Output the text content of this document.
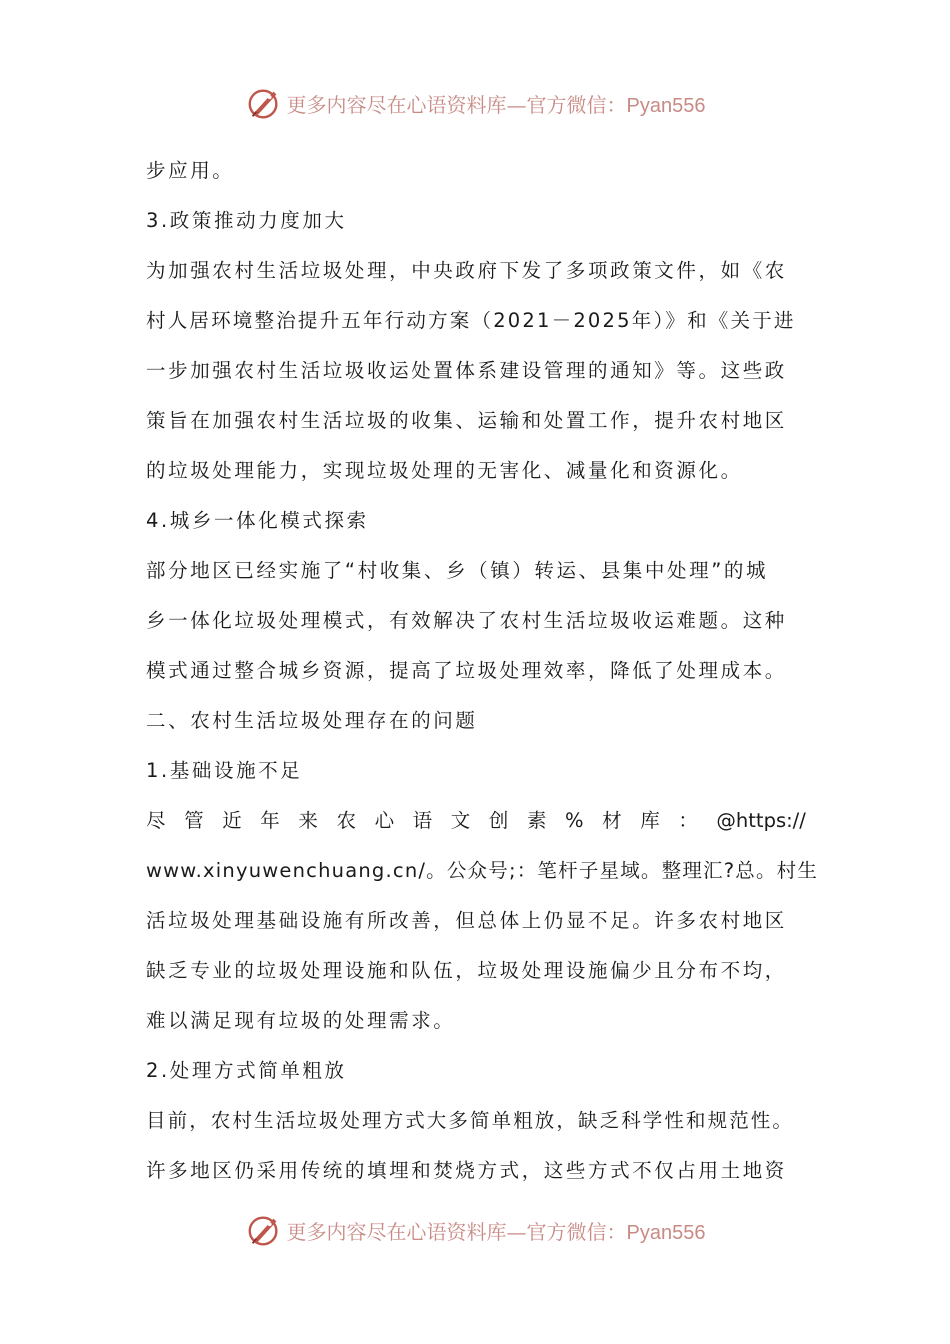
更多内容尽在心语资料库—官方微信：Pyan556
步应用。
3.政策推动力度加大
为加强农村生活垃圾处理，中央政府下发了多项政策文件，如《农
村人居环境整治提升五年行动方案（2021－2025年）》和《关于进
一步加强农村生活垃圾收运处置体系建设管理的通知》等。这些政
策旨在加强农村生活垃圾的收集、运输和处置工作，提升农村地区
的垃圾处理能力，实现垃圾处理的无害化、减量化和资源化。
4.城乡一体化模式探索
部分地区已经实施了“村收集、乡（镇）转运、县集中处理”的城
乡一体化垃圾处理模式，有效解决了农村生活垃圾收运难题。这种
模式通过整合城乡资源，提高了垃圾处理效率，降低了处理成本。
二、农村生活垃圾处理存在的问题
1.基础设施不足
尽 管 近 年 来 农 心 语 文 创 素 % 材 库 ： @https://
www.xinyuwenchuang.cn/。公众号;：笔杆子星域。整理汇?总。村生
活垃圾处理基础设施有所改善，但总体上仍显不足。许多农村地区
缺乏专业的垃圾处理设施和队伍，垃圾处理设施偏少且分布不均，
难以满足现有垃圾的处理需求。
2.处理方式简单粗放
目前，农村生活垃圾处理方式大多简单粗放，缺乏科学性和规范性。
许多地区仍采用传统的填埋和焚烧方式，这些方式不仅占用土地资
更多内容尽在心语资料库—官方微信：Pyan556
